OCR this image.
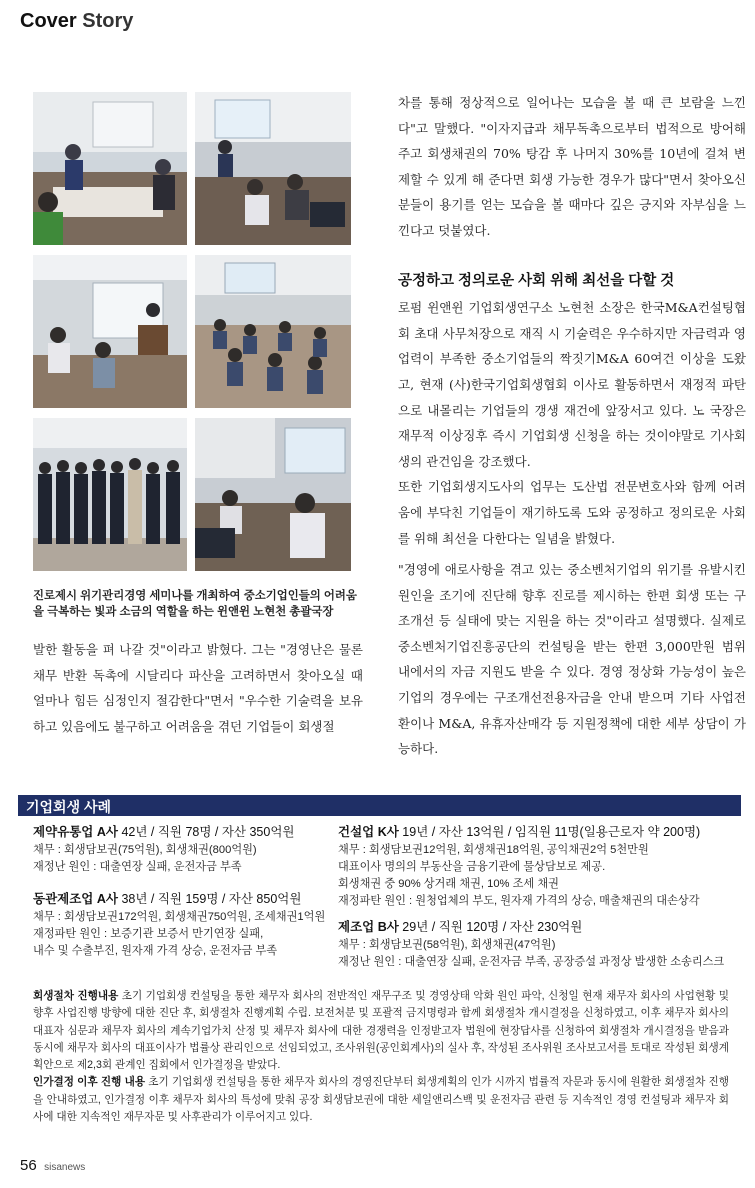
Cover Story
진로제시 위기관리경영 세미나를 개최하여 중소기업인들의 어려움을 극복하는 빛과 소금의 역할을 하는 윈앤윈 노현천 총괄국장

발한 활동을 펴 나갈 것"이라고 밝혔다. 그는 "경영난은 물론 채무 반환 독촉에 시달리다 파산을 고려하면서 찾아오실 때 얼마나 힘든 심정인지 절감한다"면서 "우수한 기술력을 보유하고 있음에도 불구하고 어려움을 겪던 기업들이 회생절

차를 통해 정상적으로 일어나는 모습을 볼 때 큰 보람을 느낀다"고 말했다. "이자지급과 채무독촉으로부터 법적으로 방어해주고 회생채권의 70% 탕감 후 나머지 30%를 10년에 걸쳐 변제할 수 있게 해 준다면 회생 가능한 경우가 많다"면서 찾아오신 분들이 용기를 얻는 모습을 볼 때마다 깊은 긍지와 자부심을 느낀다고 덧붙였다.

공정하고 정의로운 사회 위해 최선을 다할 것

로펌 윈앤윈 기업회생연구소 노현천 소장은 한국M&A컨설팅협회 초대 사무처장으로 재직 시 기술력은 우수하지만 자금력과 영업력이 부족한 중소기업들의 짝짓기M&A 60여건 이상을 도왔고, 현재 (사)한국기업회생협회 이사로 활동하면서 재정적 파탄으로 내몰리는 기업들의 갱생 재건에 앞장서고 있다. 노 국장은 재무적 이상징후 즉시 기업회생 신청을 하는 것이야말로 기사회생의 관건임을 강조했다.

또한 기업회생지도사의 업무는 도산법 전문변호사와 함께 어려움에 부닥친 기업들이 재기하도록 도와 공정하고 정의로운 사회를 위해 최선을 다한다는 일념을 밝혔다.

"경영에 애로사항을 겪고 있는 중소벤처기업의 위기를 유발시킨 원인을 조기에 진단해 향후 진로를 제시하는 한편 회생 또는 구조개선 등 실태에 맞는 지원을 하는 것"이라고 설명했다. 실제로 중소벤처기업진흥공단의 컨설팅을 받는 한편 3,000만원 범위 내에서의 자금 지원도 받을 수 있다. 경영 정상화 가능성이 높은 기업의 경우에는 구조개선전용자금을 안내 받으며 기타 사업전환이나 M&A, 유휴자산매각 등 지원정책에 대한 세부 상담이 가능하다.

기업회생 사례
제약유통업 A사 42년 / 직원 78명 / 자산 350억원
채무 : 회생담보권(75억원), 회생채권(800억원)
재정난 원인 : 대출연장 실패, 운전자금 부족
동관제조업 A사 38년 / 직원 159명 / 자산 850억원
채무 : 회생담보권172억원, 회생채권750억원, 조세채권1억원
재정파탄 원인 : 보증기관 보증서 만기연장 실패,
내수 및 수출부진, 원자재 가격 상승, 운전자금 부족
건설업 K사 19년 / 자산 13억원 / 임직원 11명(일용근로자 약 200명)
채무 : 회생담보권12억원, 회생채권18억원, 공익채권2억 5천만원
대표이사 명의의 부동산을 금융기관에 물상담보로 제공.
회생채권 중 90% 상거래 채권, 10% 조세 채권
재정파탄 원인 : 원청업체의 부도, 원자재 가격의 상승, 매출채권의 대손상각
제조업 B사 29년 / 직원 120명 / 자산 230억원
채무 : 회생담보권(58억원), 회생채권(47억원)
재정난 원인 : 대출연장 실패, 운전자금 부족, 공장증설 과정상 발생한 소송리스크

회생절차 진행내용 초기 기업회생 컨설팅을 통한 채무자 회사의 전반적인 재무구조 및 경영상태 악화 원인 파악, 신청일 현재 채무자 회사의 사업현황 및 향후 사업진행 방향에 대한 진단 후, 회생절차 진행계획 수립. 보전처분 및 포괄적 금지명령과 함께 회생절차 개시결정을 신청하였고, 이후 채무자 회사의 대표자 심문과 채무자 회사의 계속기업가치 산정 및 채무자 회사에 대한 경쟁력을 인정받고자 법원에 현장답사를 신청하여 회생절차 개시결정을 받음과 동시에 채무자 회사의 대표이사가 법률상 관리인으로 선임되었고, 조사위원(공인회계사)의 실사 후, 작성된 조사위원 조사보고서를 토대로 작성된 회생계획안으로 제2,3회 관계인 집회에서 인가결정을 받았다.

인가결정 이후 진행 내용 초기 기업회생 컨설팅을 통한 채무자 회사의 경영진단부터 회생계획의 인가 시까지 법률적 자문과 동시에 원활한 회생절차 진행을 안내하였고, 인가결정 이후 채무자 회사의 특성에 맞춰 공장 회생담보권에 대한 세일앤리스백 및 운전자금 관련 등 지속적인 경영 컨설팅과 채무자 회사에 대한 지속적인 재무자문 및 사후관리가 이루어지고 있다.

56 sisanews
